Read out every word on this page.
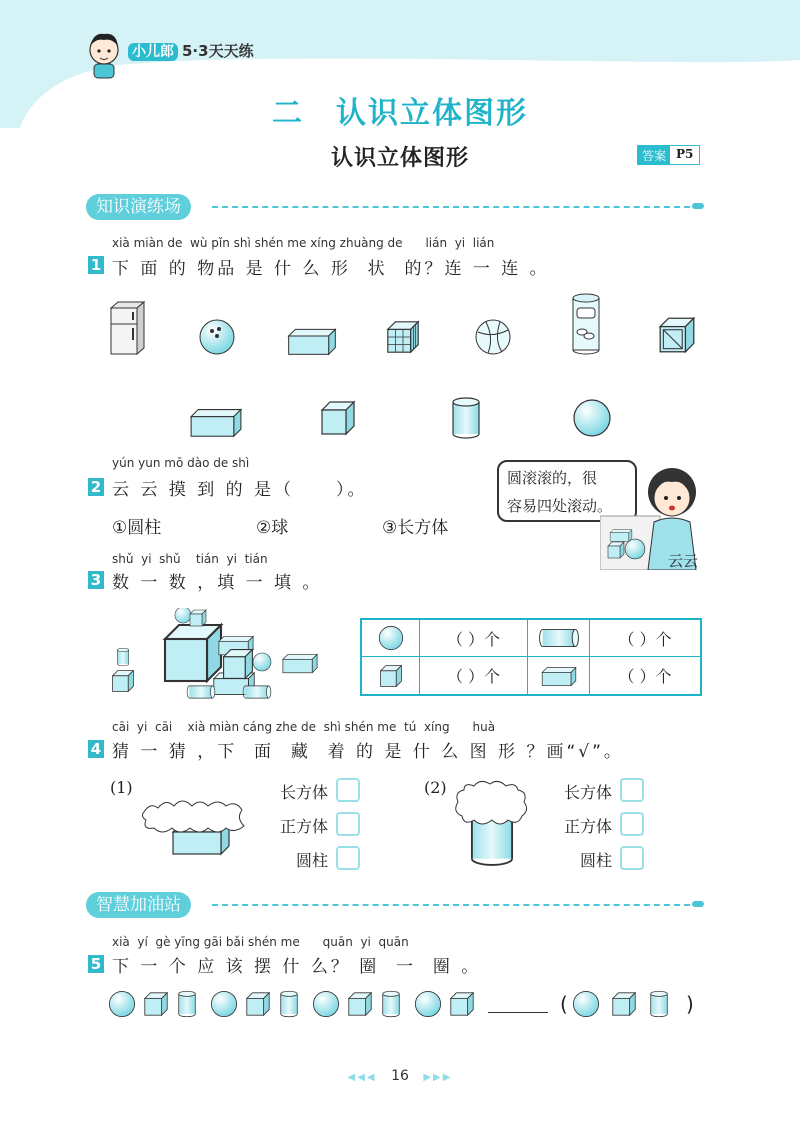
小儿郎 5·3天天练
二　认识立体图形
认识立体图形	答案 P5
知识演练场
xià miàn de  wù pǐn shì shén me xíng zhuàng de      lián  yi  lián
1 下 面 的 物品 是 什 么 形  状  的？连 一 连 。
yún yun mō dào de shì
2 云 云 摸 到 的 是（     ）。
①圆柱	②球	③长方体
圆滚滚的，很
容易四处滚动。
云云
shǔ  yi  shǔ    tián  yi  tián
3 数 一 数 ，填 一 填 。
（ ）个	（ ）个
（ ）个	（ ）个
cāi  yi  cāi    xià miàn cáng zhe de  shì shén me  tú  xíng      huà
4 猜 一 猜 ，下  面  藏  着 的 是 什 么 图 形 ？画“√”。
(1)	长方体
正方体
圆柱
(2)	长方体
正方体
圆柱
智慧加油站
xià  yí  gè yīng gāi bǎi shén me      quān  yi  quān
5 下 一 个 应 该 摆 什 么？ 圈  一  圈 。
(	)
◀◀◀ 16 ▶▶▶
